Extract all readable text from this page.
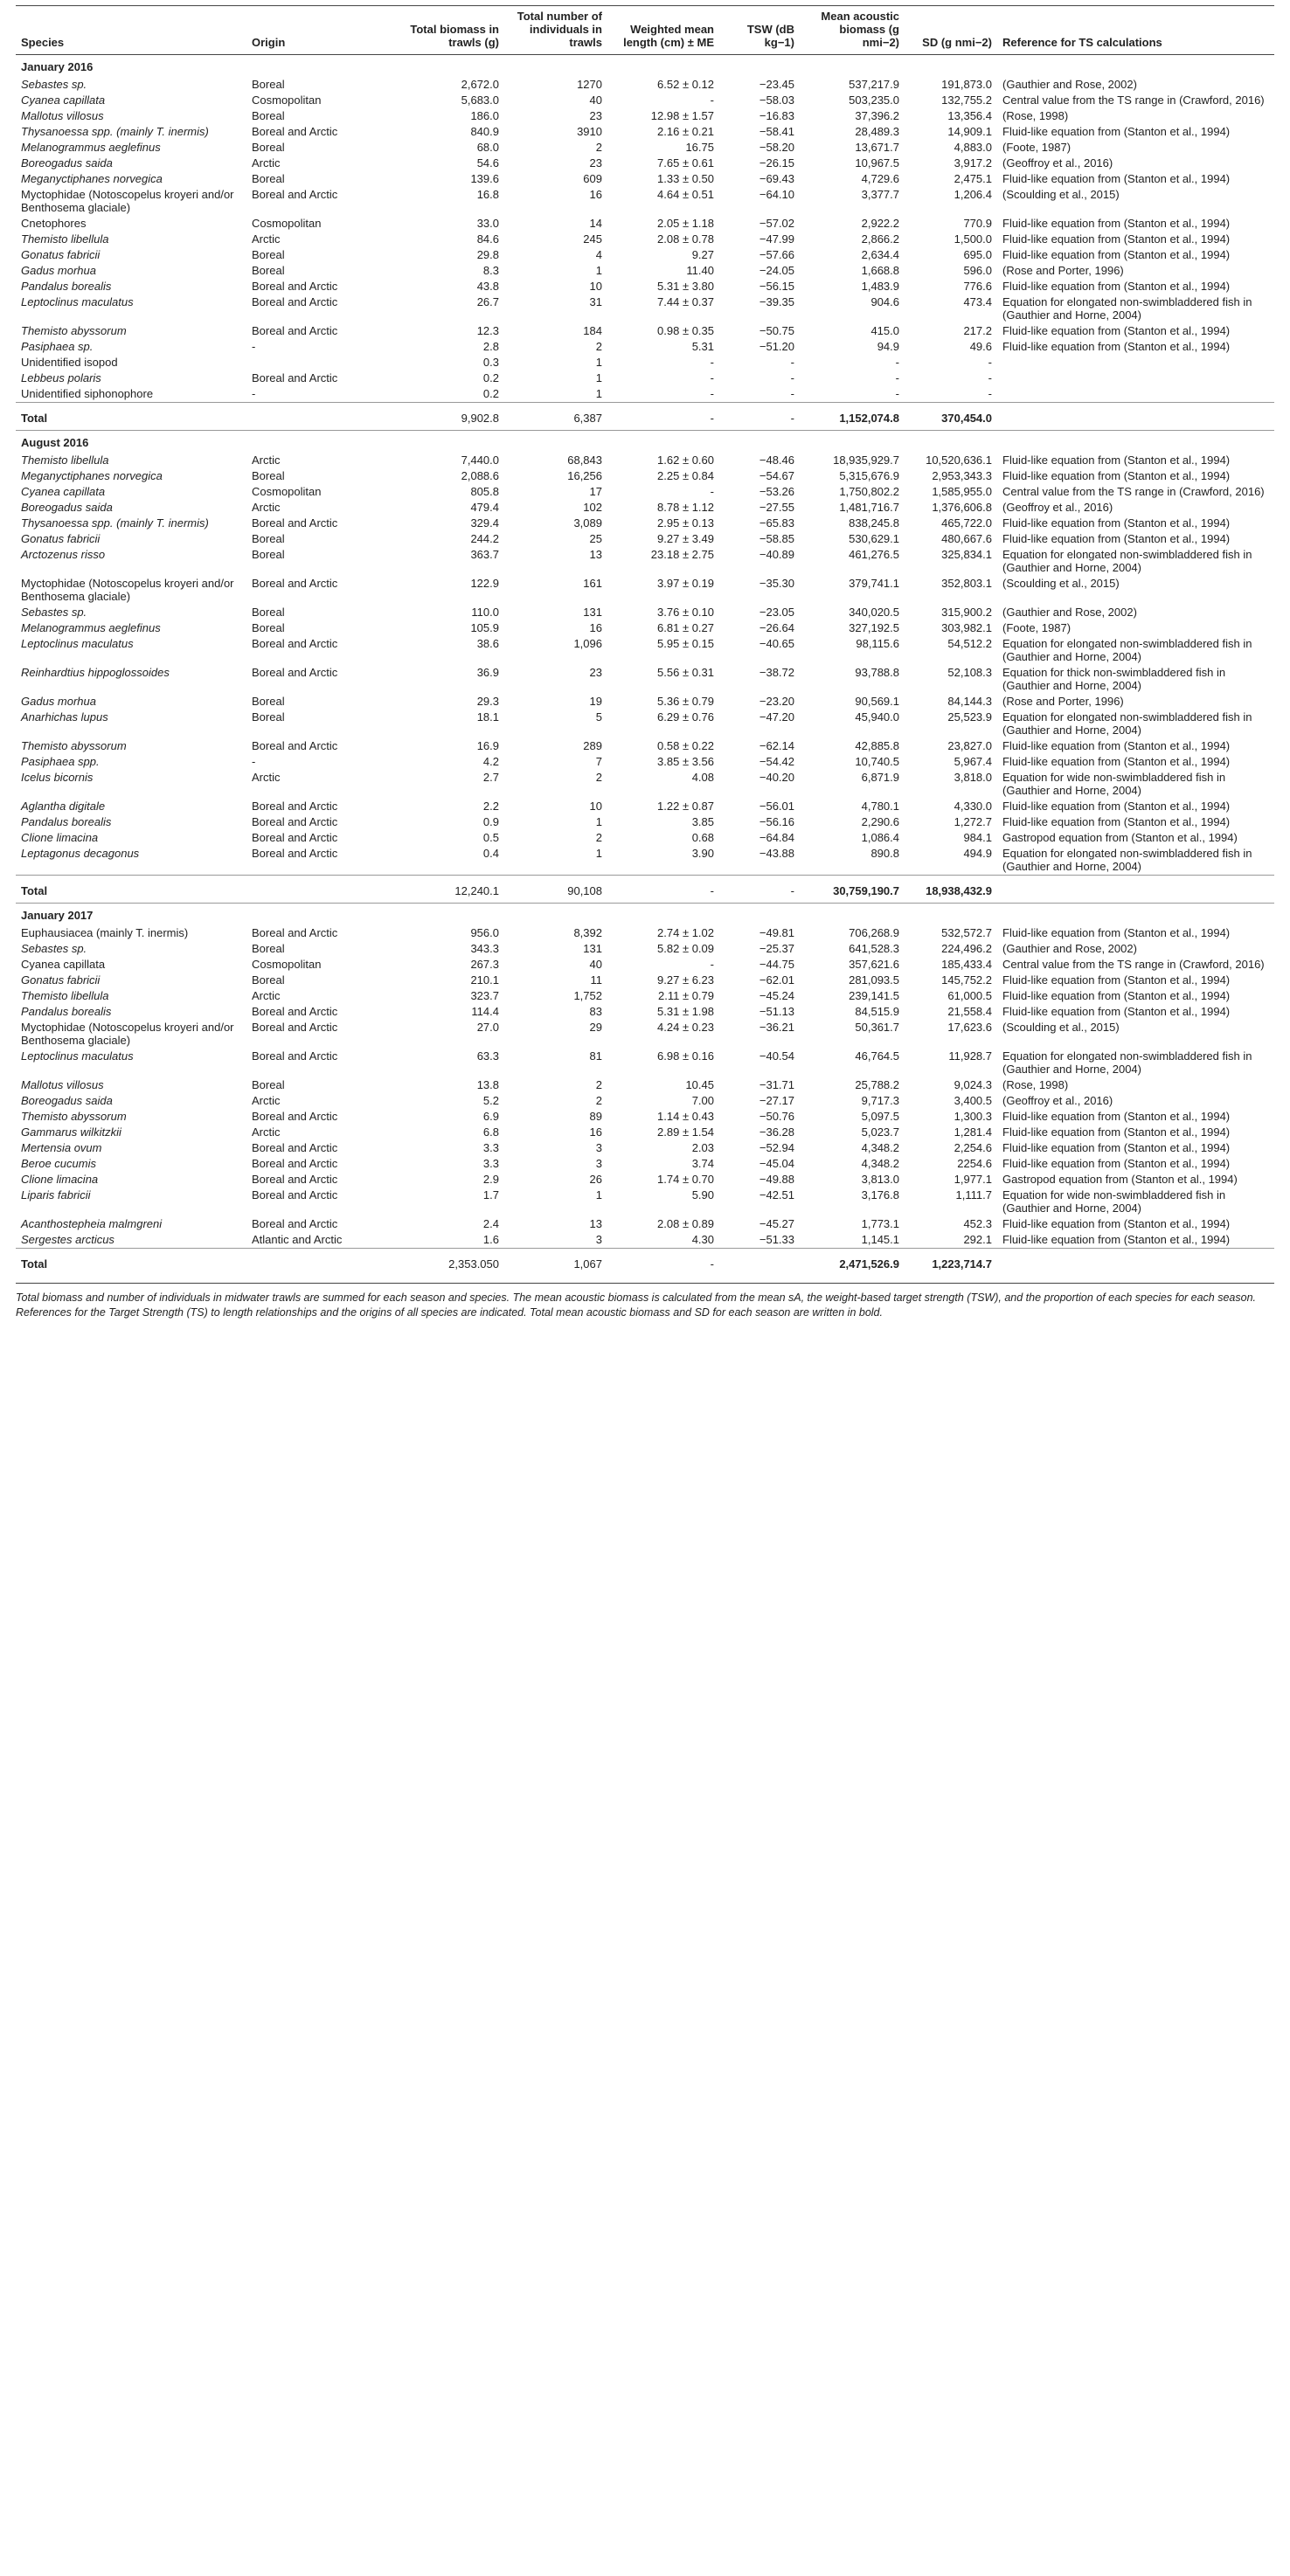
Species	Origin	Total biomass in trawls (g)	Total number of individuals in trawls	Weighted mean length (cm) ± ME	TSW (dB kg−1)	Mean acoustic biomass (g nmi−2)	SD (g nmi−2)	Reference for TS calculations
January 2016								
Sebastes sp.	Boreal	2,672.0	1270	6.52 ± 0.12	−23.45	537,217.9	191,873.0	(Gauthier and Rose, 2002)
Cyanea capillata	Cosmopolitan	5,683.0	40	-	−58.03	503,235.0	132,755.2	Central value from the TS range in (Crawford, 2016)
Mallotus villosus	Boreal	186.0	23	12.98 ± 1.57	−16.83	37,396.2	13,356.4	(Rose, 1998)
Thysanoessa spp. (mainly T. inermis)	Boreal and Arctic	840.9	3910	2.16 ± 0.21	−58.41	28,489.3	14,909.1	Fluid-like equation from (Stanton et al., 1994)
Melanogrammus aeglefinus	Boreal	68.0	2	16.75	−58.20	13,671.7	4,883.0	(Foote, 1987)
Boreogadus saida	Arctic	54.6	23	7.65 ± 0.61	−26.15	10,967.5	3,917.2	(Geoffroy et al., 2016)
Meganyctiphanes norvegica	Boreal	139.6	609	1.33 ± 0.50	−69.43	4,729.6	2,475.1	Fluid-like equation from (Stanton et al., 1994)
Myctophidae (Notoscopelus kroyeri and/or Benthosema glaciale)	Boreal and Arctic	16.8	16	4.64 ± 0.51	−64.10	3,377.7	1,206.4	(Scoulding et al., 2015)
Cnetophores	Cosmopolitan	33.0	14	2.05 ± 1.18	−57.02	2,922.2	770.9	Fluid-like equation from (Stanton et al., 1994)
Themisto libellula	Arctic	84.6	245	2.08 ± 0.78	−47.99	2,866.2	1,500.0	Fluid-like equation from (Stanton et al., 1994)
Gonatus fabricii	Boreal	29.8	4	9.27	−57.66	2,634.4	695.0	Fluid-like equation from (Stanton et al., 1994)
Gadus morhua	Boreal	8.3	1	11.40	−24.05	1,668.8	596.0	(Rose and Porter, 1996)
Pandalus borealis	Boreal and Arctic	43.8	10	5.31 ± 3.80	−56.15	1,483.9	776.6	Fluid-like equation from (Stanton et al., 1994)
Leptoclinus maculatus	Boreal and Arctic	26.7	31	7.44 ± 0.37	−39.35	904.6	473.4	Equation for elongated non-swimbladdered fish in (Gauthier and Horne, 2004)
Themisto abyssorum	Boreal and Arctic	12.3	184	0.98 ± 0.35	−50.75	415.0	217.2	Fluid-like equation from (Stanton et al., 1994)
Pasiphaea sp.	-	2.8	2	5.31	−51.20	94.9	49.6	Fluid-like equation from (Stanton et al., 1994)
Unidentified isopod		0.3	1	-	-	-	-	
Lebbeus polaris	Boreal and Arctic	0.2	1	-	-	-	-	
Unidentified siphonophore	-	0.2	1	-	-	-	-	
Total		9,902.8	6,387	-	-	1,152,074.8	370,454.0	
August 2016								
Themisto libellula	Arctic	7,440.0	68,843	1.62 ± 0.60	−48.46	18,935,929.7	10,520,636.1	Fluid-like equation from (Stanton et al., 1994)
Meganyctiphanes norvegica	Boreal	2,088.6	16,256	2.25 ± 0.84	−54.67	5,315,676.9	2,953,343.3	Fluid-like equation from (Stanton et al., 1994)
Cyanea capillata	Cosmopolitan	805.8	17	-	−53.26	1,750,802.2	1,585,955.0	Central value from the TS range in (Crawford, 2016)
Boreogadus saida	Arctic	479.4	102	8.78 ± 1.12	−27.55	1,481,716.7	1,376,606.8	(Geoffroy et al., 2016)
Thysanoessa spp. (mainly T. inermis)	Boreal and Arctic	329.4	3,089	2.95 ± 0.13	−65.83	838,245.8	465,722.0	Fluid-like equation from (Stanton et al., 1994)
Gonatus fabricii	Boreal	244.2	25	9.27 ± 3.49	−58.85	530,629.1	480,667.6	Fluid-like equation from (Stanton et al., 1994)
Arctozenus risso	Boreal	363.7	13	23.18 ± 2.75	−40.89	461,276.5	325,834.1	Equation for elongated non-swimbladdered fish in (Gauthier and Horne, 2004)
Myctophidae (Notoscopelus kroyeri and/or Benthosema glaciale)	Boreal and Arctic	122.9	161	3.97 ± 0.19	−35.30	379,741.1	352,803.1	(Scoulding et al., 2015)
Sebastes sp.	Boreal	110.0	131	3.76 ± 0.10	−23.05	340,020.5	315,900.2	(Gauthier and Rose, 2002)
Melanogrammus aeglefinus	Boreal	105.9	16	6.81 ± 0.27	−26.64	327,192.5	303,982.1	(Foote, 1987)
Leptoclinus maculatus	Boreal and Arctic	38.6	1,096	5.95 ± 0.15	−40.65	98,115.6	54,512.2	Equation for elongated non-swimbladdered fish in (Gauthier and Horne, 2004)
Reinhardtius hippoglossoides	Boreal and Arctic	36.9	23	5.56 ± 0.31	−38.72	93,788.8	52,108.3	Equation for thick non-swimbladdered fish in (Gauthier and Horne, 2004)
Gadus morhua	Boreal	29.3	19	5.36 ± 0.79	−23.20	90,569.1	84,144.3	(Rose and Porter, 1996)
Anarhichas lupus	Boreal	18.1	5	6.29 ± 0.76	−47.20	45,940.0	25,523.9	Equation for elongated non-swimbladdered fish in (Gauthier and Horne, 2004)
Themisto abyssorum	Boreal and Arctic	16.9	289	0.58 ± 0.22	−62.14	42,885.8	23,827.0	Fluid-like equation from (Stanton et al., 1994)
Pasiphaea spp.	-	4.2	7	3.85 ± 3.56	−54.42	10,740.5	5,967.4	Fluid-like equation from (Stanton et al., 1994)
Icelus bicornis	Arctic	2.7	2	4.08	−40.20	6,871.9	3,818.0	Equation for wide non-swimbladdered fish in (Gauthier and Horne, 2004)
Aglantha digitale	Boreal and Arctic	2.2	10	1.22 ± 0.87	−56.01	4,780.1	4,330.0	Fluid-like equation from (Stanton et al., 1994)
Pandalus borealis	Boreal and Arctic	0.9	1	3.85	−56.16	2,290.6	1,272.7	Fluid-like equation from (Stanton et al., 1994)
Clione limacina	Boreal and Arctic	0.5	2	0.68	−64.84	1,086.4	984.1	Gastropod equation from (Stanton et al., 1994)
Leptagonus decagonus	Boreal and Arctic	0.4	1	3.90	−43.88	890.8	494.9	Equation for elongated non-swimbladdered fish in (Gauthier and Horne, 2004)
Total		12,240.1	90,108	-	-	30,759,190.7	18,938,432.9	
January 2017								
Euphausiacea (mainly T. inermis)	Boreal and Arctic	956.0	8,392	2.74 ± 1.02	−49.81	706,268.9	532,572.7	Fluid-like equation from (Stanton et al., 1994)
Sebastes sp.	Boreal	343.3	131	5.82 ± 0.09	−25.37	641,528.3	224,496.2	(Gauthier and Rose, 2002)
Cyanea capillata	Cosmopolitan	267.3	40	-	−44.75	357,621.6	185,433.4	Central value from the TS range in (Crawford, 2016)
Gonatus fabricii	Boreal	210.1	11	9.27 ± 6.23	−62.01	281,093.5	145,752.2	Fluid-like equation from (Stanton et al., 1994)
Themisto libellula	Arctic	323.7	1,752	2.11 ± 0.79	−45.24	239,141.5	61,000.5	Fluid-like equation from (Stanton et al., 1994)
Pandalus borealis	Boreal and Arctic	114.4	83	5.31 ± 1.98	−51.13	84,515.9	21,558.4	Fluid-like equation from (Stanton et al., 1994)
Myctophidae (Notoscopelus kroyeri and/or Benthosema glaciale)	Boreal and Arctic	27.0	29	4.24 ± 0.23	−36.21	50,361.7	17,623.6	(Scoulding et al., 2015)
Leptoclinus maculatus	Boreal and Arctic	63.3	81	6.98 ± 0.16	−40.54	46,764.5	11,928.7	Equation for elongated non-swimbladdered fish in (Gauthier and Horne, 2004)
Mallotus villosus	Boreal	13.8	2	10.45	−31.71	25,788.2	9,024.3	(Rose, 1998)
Boreogadus saida	Arctic	5.2	2	7.00	−27.17	9,717.3	3,400.5	(Geoffroy et al., 2016)
Themisto abyssorum	Boreal and Arctic	6.9	89	1.14 ± 0.43	−50.76	5,097.5	1,300.3	Fluid-like equation from (Stanton et al., 1994)
Gammarus wilkitzkii	Arctic	6.8	16	2.89 ± 1.54	−36.28	5,023.7	1,281.4	Fluid-like equation from (Stanton et al., 1994)
Mertensia ovum	Boreal and Arctic	3.3	3	2.03	−52.94	4,348.2	2,254.6	Fluid-like equation from (Stanton et al., 1994)
Beroe cucumis	Boreal and Arctic	3.3	3	3.74	−45.04	4,348.2	2254.6	Fluid-like equation from (Stanton et al., 1994)
Clione limacina	Boreal and Arctic	2.9	26	1.74 ± 0.70	−49.88	3,813.0	1,977.1	Gastropod equation from (Stanton et al., 1994)
Liparis fabricii	Boreal and Arctic	1.7	1	5.90	−42.51	3,176.8	1,111.7	Equation for wide non-swimbladdered fish in (Gauthier and Horne, 2004)
Acanthostepheia malmgreni	Boreal and Arctic	2.4	13	2.08 ± 0.89	−45.27	1,773.1	452.3	Fluid-like equation from (Stanton et al., 1994)
Sergestes arcticus	Atlantic and Arctic	1.6	3	4.30	−51.33	1,145.1	292.1	Fluid-like equation from (Stanton et al., 1994)
Total		2,353.050	1,067	-		2,471,526.9	1,223,714.7	
Total biomass and number of individuals in midwater trawls are summed for each season and species. The mean acoustic biomass is calculated from the mean sA, the weight-based target strength (TSW), and the proportion of each species for each season. References for the Target Strength (TS) to length relationships and the origins of all species are indicated. Total mean acoustic biomass and SD for each season are written in bold.
